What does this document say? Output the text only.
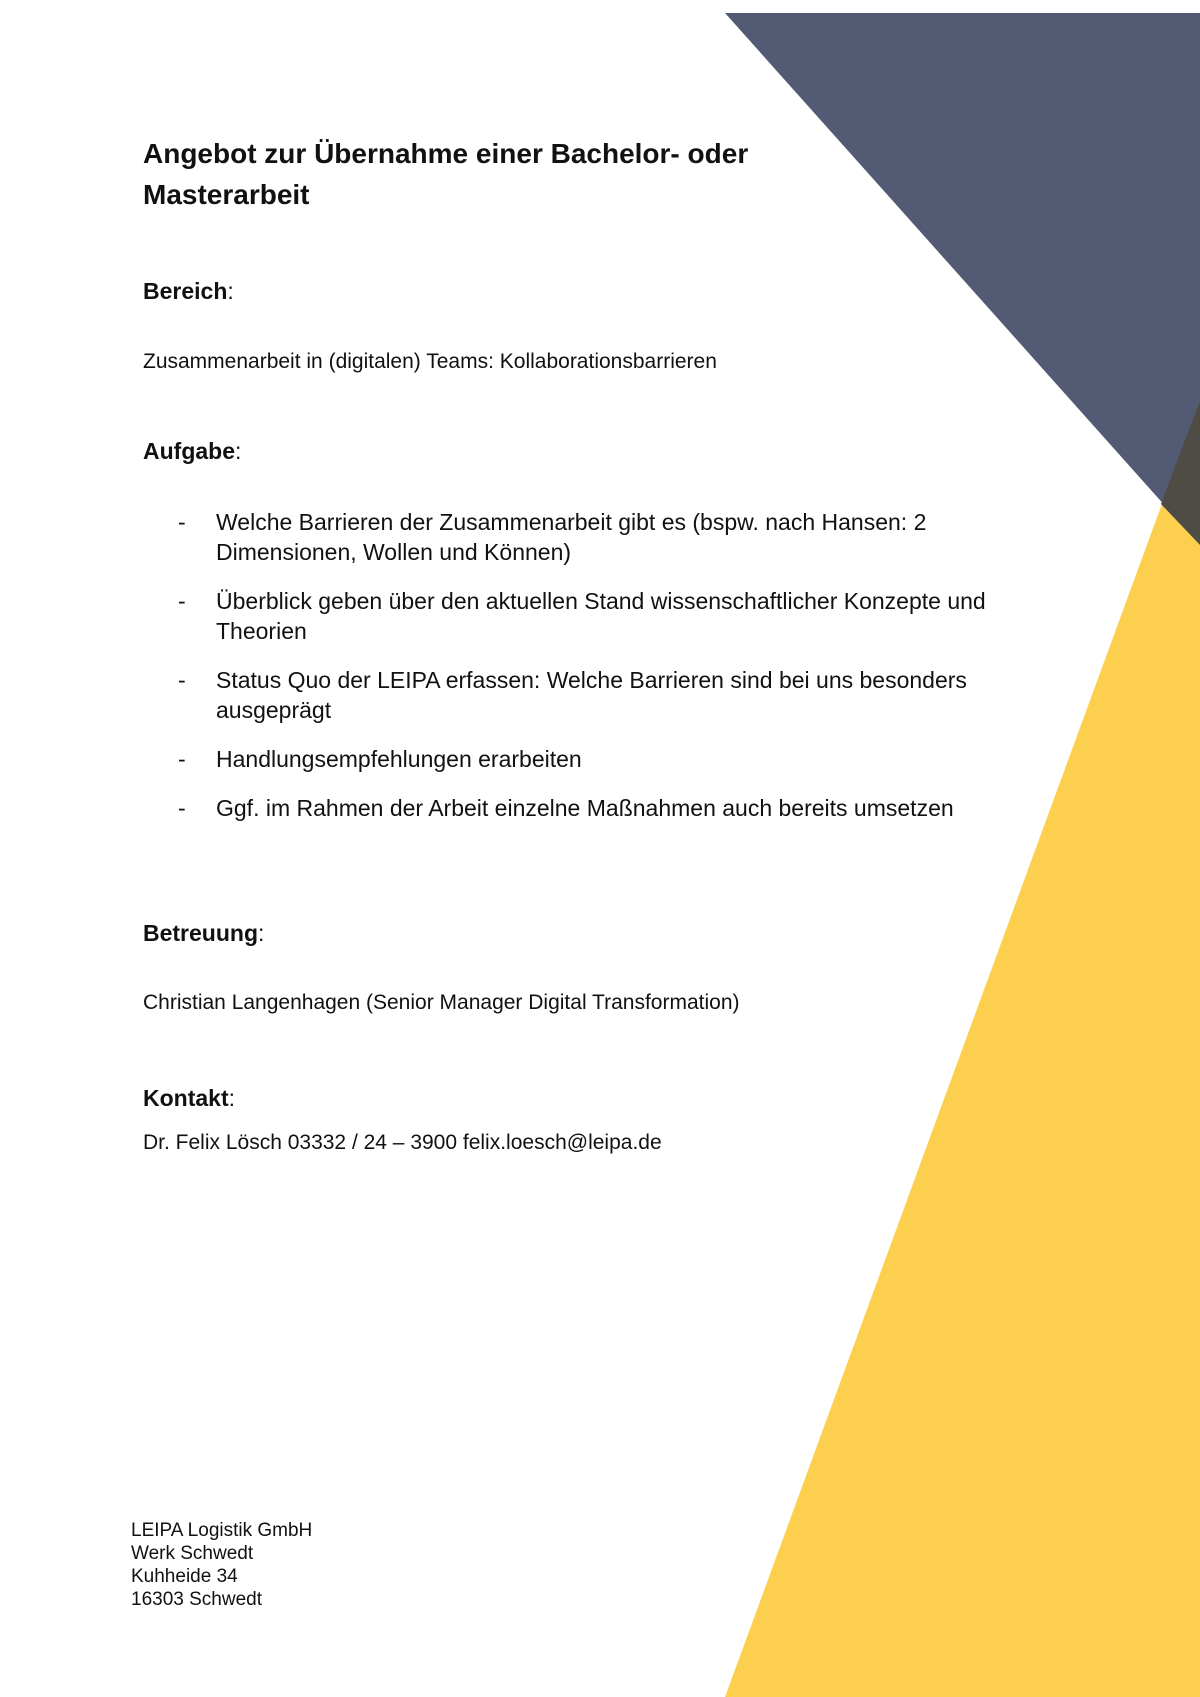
Angebot zur Übernahme einer Bachelor- oder Masterarbeit

Bereich:

Zusammenarbeit in (digitalen) Teams: Kollaborationsbarrieren

Aufgabe:

- Welche Barrieren der Zusammenarbeit gibt es (bspw. nach Hansen: 2 Dimensionen, Wollen und Können)
- Überblick geben über den aktuellen Stand wissenschaftlicher Konzepte und Theorien
- Status Quo der LEIPA erfassen: Welche Barrieren sind bei uns besonders ausgeprägt
- Handlungsempfehlungen erarbeiten
- Ggf. im Rahmen der Arbeit einzelne Maßnahmen auch bereits umsetzen

Betreuung:

Christian Langenhagen (Senior Manager Digital Transformation)

Kontakt:

Dr. Felix Lösch 03332 / 24 – 3900 felix.loesch@leipa.de

LEIPA Logistik GmbH
Werk Schwedt
Kuhheide 34
16303 Schwedt
